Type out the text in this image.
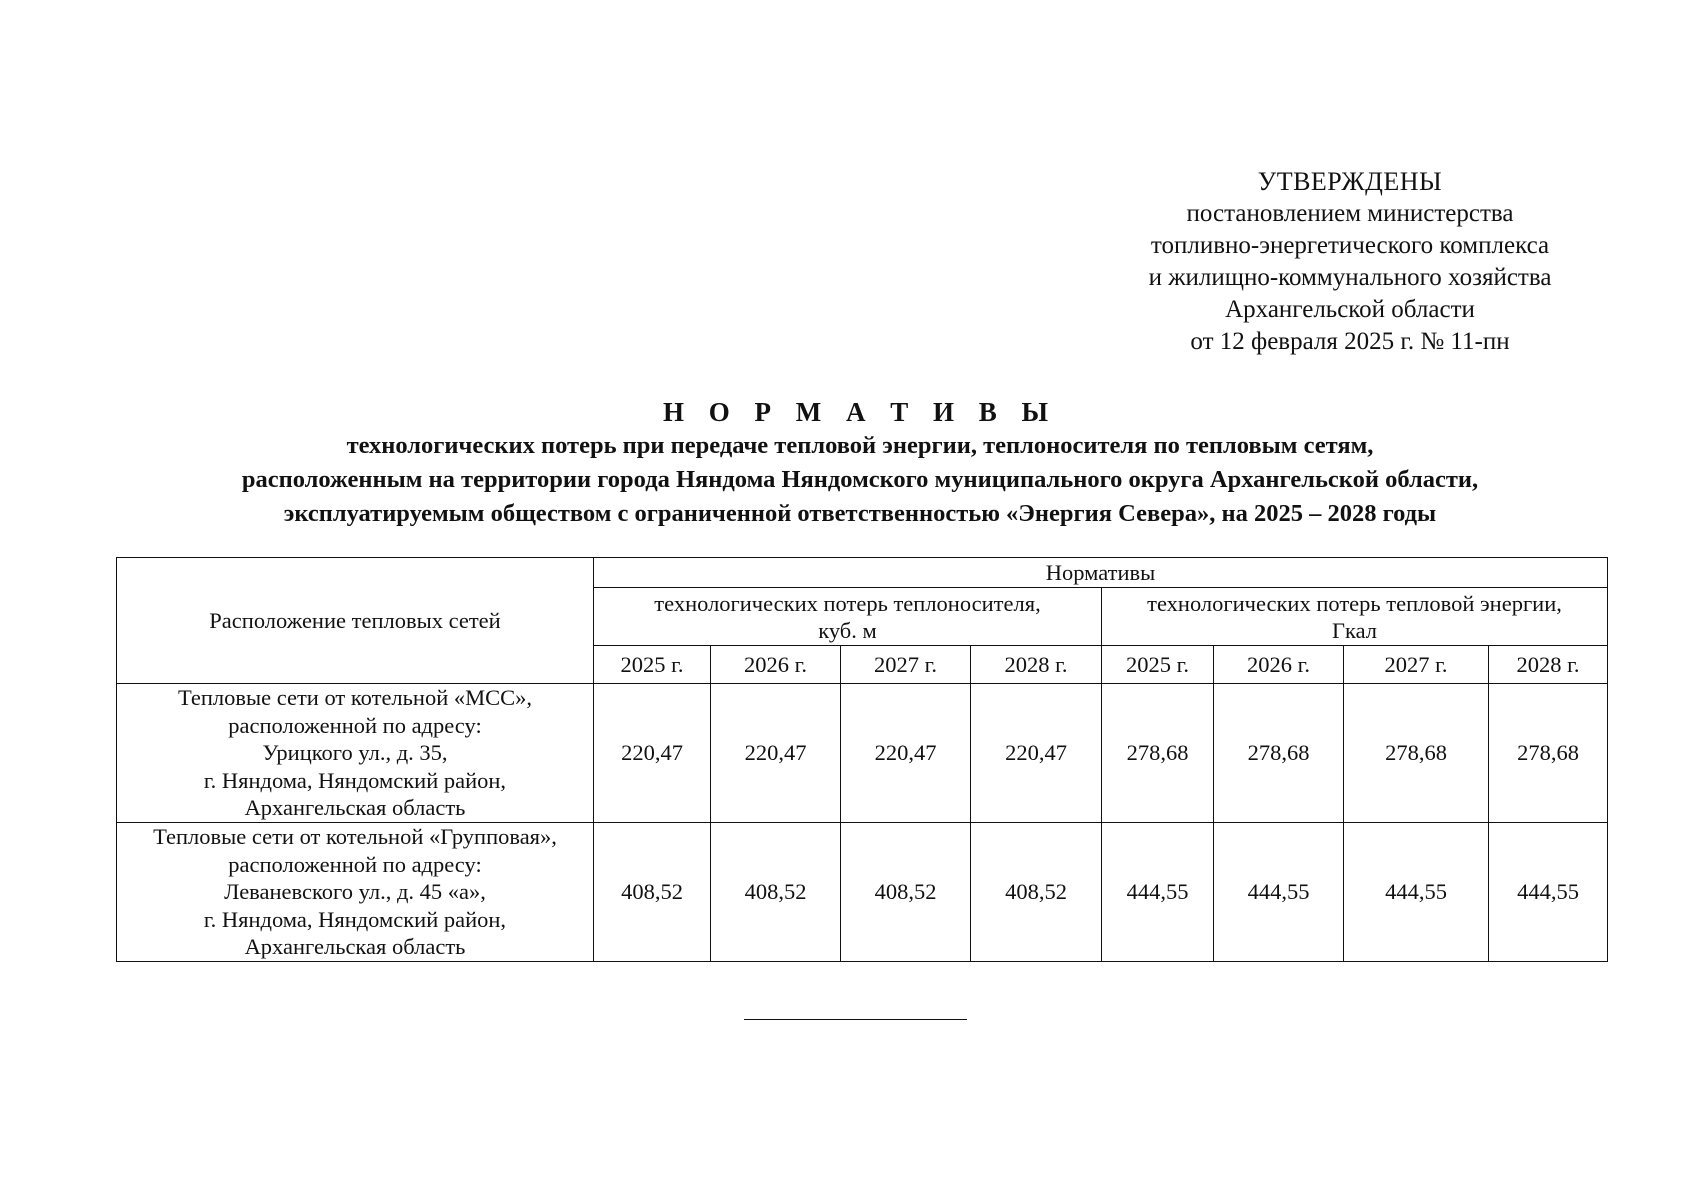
УТВЕРЖДЕНЫ
постановлением министерства
топливно-энергетического комплекса
и жилищно-коммунального хозяйства
Архангельской области
от 12 февраля 2025 г. № 11-пн
Н О Р М А Т И В Ы
технологических потерь при передаче тепловой энергии, теплоносителя по тепловым сетям,
расположенным на территории города Няндома Няндомского муниципального округа Архангельской области,
эксплуатируемым обществом с ограниченной ответственностью «Энергия Севера», на 2025 – 2028 годы
Расположение тепловых сетей	Нормативы							
	технологических потерь теплоносителя,
куб. м				технологических потерь тепловой энергии,
Гкал			
	2025 г.	2026 г.	2027 г.	2028 г.	2025 г.	2026 г.	2027 г.	2028 г.

Тепловые сети от котельной «МСС»,
расположенной по адресу:
Урицкого ул., д. 35,
г. Няндома, Няндомский район,
Архангельская область	220,47	220,47	220,47	220,47	278,68	278,68	278,68	278,68

Тепловые сети от котельной «Групповая»,
расположенной по адресу:
Леваневского ул., д. 45 «а»,
г. Няндома, Няндомский район,
Архангельская область	408,52	408,52	408,52	408,52	444,55	444,55	444,55	444,55
